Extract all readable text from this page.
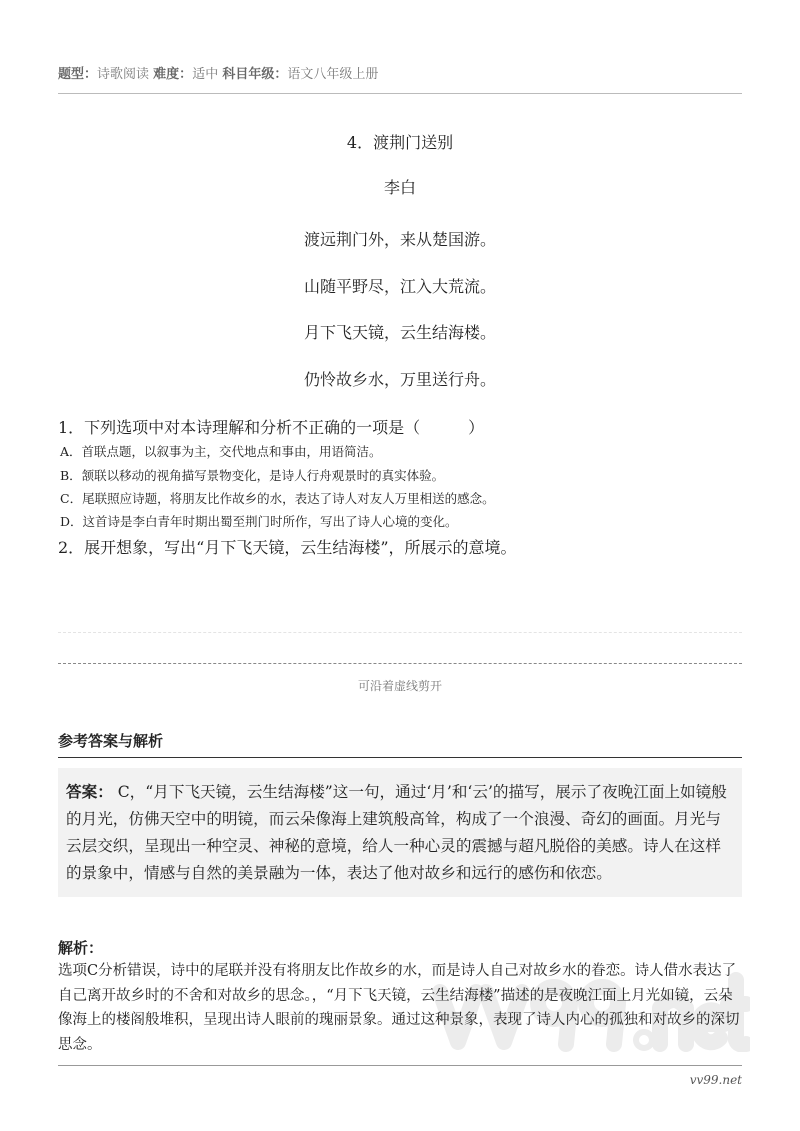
题型：诗歌阅读 难度：适中 科目年级：语文八年级上册
4．渡荆门送别
李白
渡远荆门外，来从楚国游。
山随平野尽，江入大荒流。
月下飞天镜，云生结海楼。
仍怜故乡水，万里送行舟。
1．下列选项中对本诗理解和分析不正确的一项是（　　　）
A．首联点题，以叙事为主，交代地点和事由，用语简洁。
B．颔联以移动的视角描写景物变化，是诗人行舟观景时的真实体验。
C．尾联照应诗题，将朋友比作故乡的水，表达了诗人对友人万里相送的感念。
D．这首诗是李白青年时期出蜀至荆门时所作，写出了诗人心境的变化。
2．展开想象，写出“月下飞天镜，云生结海楼”，所展示的意境。
可沿着虚线剪开
参考答案与解析
答案： C，“月下飞天镜，云生结海楼”这一句，通过‘月’和‘云’的描写，展示了夜晚江面上如镜般的月光，仿佛天空中的明镜，而云朵像海上建筑般高耸，构成了一个浪漫、奇幻的画面。月光与云层交织，呈现出一种空灵、神秘的意境，给人一种心灵的震撼与超凡脱俗的美感。诗人在这样的景象中，情感与自然的美景融为一体，表达了他对故乡和远行的感伤和依恋。
解析：
选项C分析错误，诗中的尾联并没有将朋友比作故乡的水，而是诗人自己对故乡水的眷恋。诗人借水表达了自己离开故乡时的不舍和对故乡的思念。，“月下飞天镜，云生结海楼”描述的是夜晚江面上月光如镜，云朵像海上的楼阁般堆积，呈现出诗人眼前的瑰丽景象。通过这种景象，表现了诗人内心的孤独和对故乡的深切思念。
vv99.net
